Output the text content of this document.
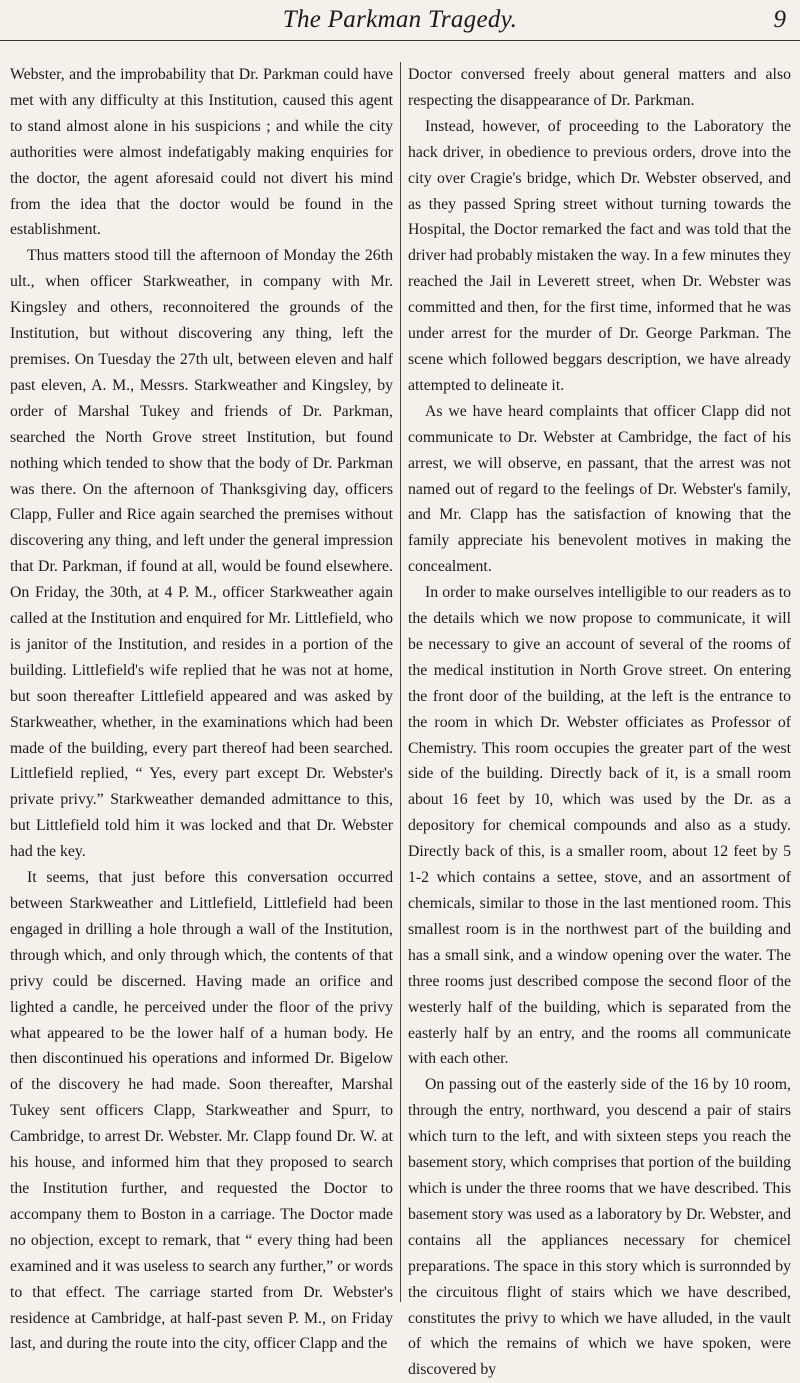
The Parkman Tragedy.	9

Webster, and the improbability that Dr. Parkman could have met with any difficulty at this Institution, caused this agent to stand almost alone in his suspicions ; and while the city authorities were almost indefatigably making enquiries for the doctor, the agent aforesaid could not divert his mind from the idea that the doctor would be found in the establishment.

Thus matters stood till the afternoon of Monday the 26th ult., when officer Starkweather, in company with Mr. Kingsley and others, reconnoitered the grounds of the Institution, but without discovering any thing, left the premises. On Tuesday the 27th ult, between eleven and half past eleven, A. M., Messrs. Starkweather and Kingsley, by order of Marshal Tukey and friends of Dr. Parkman, searched the North Grove street Institution, but found nothing which tended to show that the body of Dr. Parkman was there. On the afternoon of Thanksgiving day, officers Clapp, Fuller and Rice again searched the premises without discovering any thing, and left under the general impression that Dr. Parkman, if found at all, would be found elsewhere. On Friday, the 30th, at 4 P. M., officer Starkweather again called at the Institution and enquired for Mr. Littlefield, who is janitor of the Institution, and resides in a portion of the building. Littlefield's wife replied that he was not at home, but soon thereafter Littlefield appeared and was asked by Starkweather, whether, in the examinations which had been made of the building, every part thereof had been searched. Littlefield replied, “ Yes, every part except Dr. Webster's private privy.” Starkweather demanded admittance to this, but Littlefield told him it was locked and that Dr. Webster had the key.

It seems, that just before this conversation occurred between Starkweather and Littlefield, Littlefield had been engaged in drilling a hole through a wall of the Institution, through which, and only through which, the contents of that privy could be discerned. Having made an orifice and lighted a candle, he perceived under the floor of the privy what appeared to be the lower half of a human body. He then discontinued his operations and informed Dr. Bigelow of the discovery he had made. Soon thereafter, Marshal Tukey sent officers Clapp, Starkweather and Spurr, to Cambridge, to arrest Dr. Webster. Mr. Clapp found Dr. W. at his house, and informed him that they proposed to search the Institution further, and requested the Doctor to accompany them to Boston in a carriage. The Doctor made no objection, except to remark, that “ every thing had been examined and it was useless to search any further,” or words to that effect. The carriage started from Dr. Webster's residence at Cambridge, at half-past seven P. M., on Friday last, and during the route into the city, officer Clapp and the

Doctor conversed freely about general matters and also respecting the disappearance of Dr. Parkman.

Instead, however, of proceeding to the Laboratory the hack driver, in obedience to previous orders, drove into the city over Cragie's bridge, which Dr. Webster observed, and as they passed Spring street without turning towards the Hospital, the Doctor remarked the fact and was told that the driver had probably mistaken the way. In a few minutes they reached the Jail in Leverett street, when Dr. Webster was committed and then, for the first time, informed that he was under arrest for the murder of Dr. George Parkman. The scene which followed beggars description, we have already attempted to delineate it.

As we have heard complaints that officer Clapp did not communicate to Dr. Webster at Cambridge, the fact of his arrest, we will observe, en passant, that the arrest was not named out of regard to the feelings of Dr. Webster's family, and Mr. Clapp has the satisfaction of knowing that the family appreciate his benevolent motives in making the concealment.

In order to make ourselves intelligible to our readers as to the details which we now propose to communicate, it will be necessary to give an account of several of the rooms of the medical institution in North Grove street. On entering the front door of the building, at the left is the entrance to the room in which Dr. Webster officiates as Professor of Chemistry. This room occupies the greater part of the west side of the building. Directly back of it, is a small room about 16 feet by 10, which was used by the Dr. as a depository for chemical compounds and also as a study. Directly back of this, is a smaller room, about 12 feet by 5 1-2 which contains a settee, stove, and an assortment of chemicals, similar to those in the last mentioned room. This smallest room is in the northwest part of the building and has a small sink, and a window opening over the water. The three rooms just described compose the second floor of the westerly half of the building, which is separated from the easterly half by an entry, and the rooms all communicate with each other.

On passing out of the easterly side of the 16 by 10 room, through the entry, northward, you descend a pair of stairs which turn to the left, and with sixteen steps you reach the basement story, which comprises that portion of the building which is under the three rooms that we have described. This basement story was used as a laboratory by Dr. Webster, and contains all the appliances necessary for chemicel preparations. The space in this story which is surronnded by the circuitous flight of stairs which we have described, constitutes the privy to which we have alluded, in the vault of which the remains of which we have spoken, were discovered by
